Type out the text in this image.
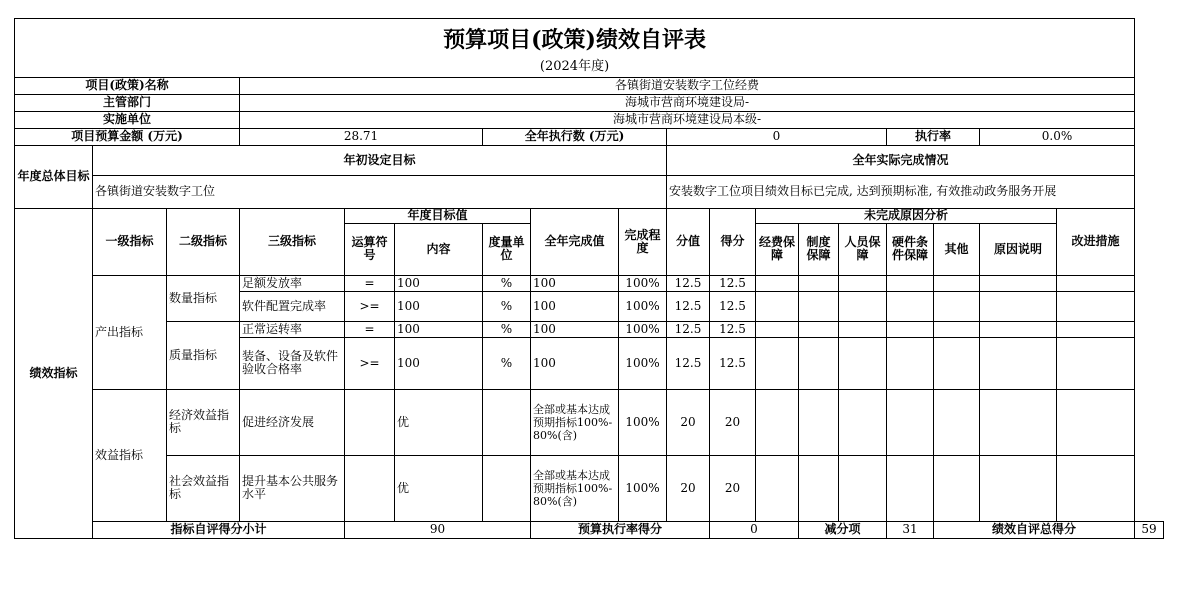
预算项目(政策)绩效自评表																		
(2024年度)																		
项目(政策)名称			各镇街道安装数字工位经费															
主管部门			海城市营商环境建设局-															
实施单位			海城市营商环境建设局本级-															
项目预算金额 (万元)			28.71			全年执行数 (万元)			0					执行率		0.0%		
年度总体目标	年初设定目标								全年实际完成情况									
	各镇街道安装数字工位								安装数字工位项目绩效目标已完成, 达到预期标准, 有效推动政务服务开展									
绩效指标	一级指标	二级指标	三级指标	年度目标值			全年完成值	完成程度	分值	得分	未完成原因分析						改进措施	
				运算符号	内容	度量单位					经费保障	制度保障	人员保障	硬件条件保障	其他	原因说明		
	产出指标	数量指标	足额发放率	=	100	%	100	100%	12.5	12.5								
			软件配置完成率	>=	100	%	100	100%	12.5	12.5								
		质量指标	正常运转率	=	100	%	100	100%	12.5	12.5								
			装备、设备及软件验收合格率	>=	100	%	100	100%	12.5	12.5								
	效益指标	经济效益指标	促进经济发展		优		全部或基本达成预期指标100%-80%(含)	100%	20	20								
		社会效益指标	提升基本公共服务水平		优		全部或基本达成预期指标100%-80%(含)	100%	20	20								
	指标自评得分小计			90			预算执行率得分			0		减分项		31	绩效自评总得分			59
